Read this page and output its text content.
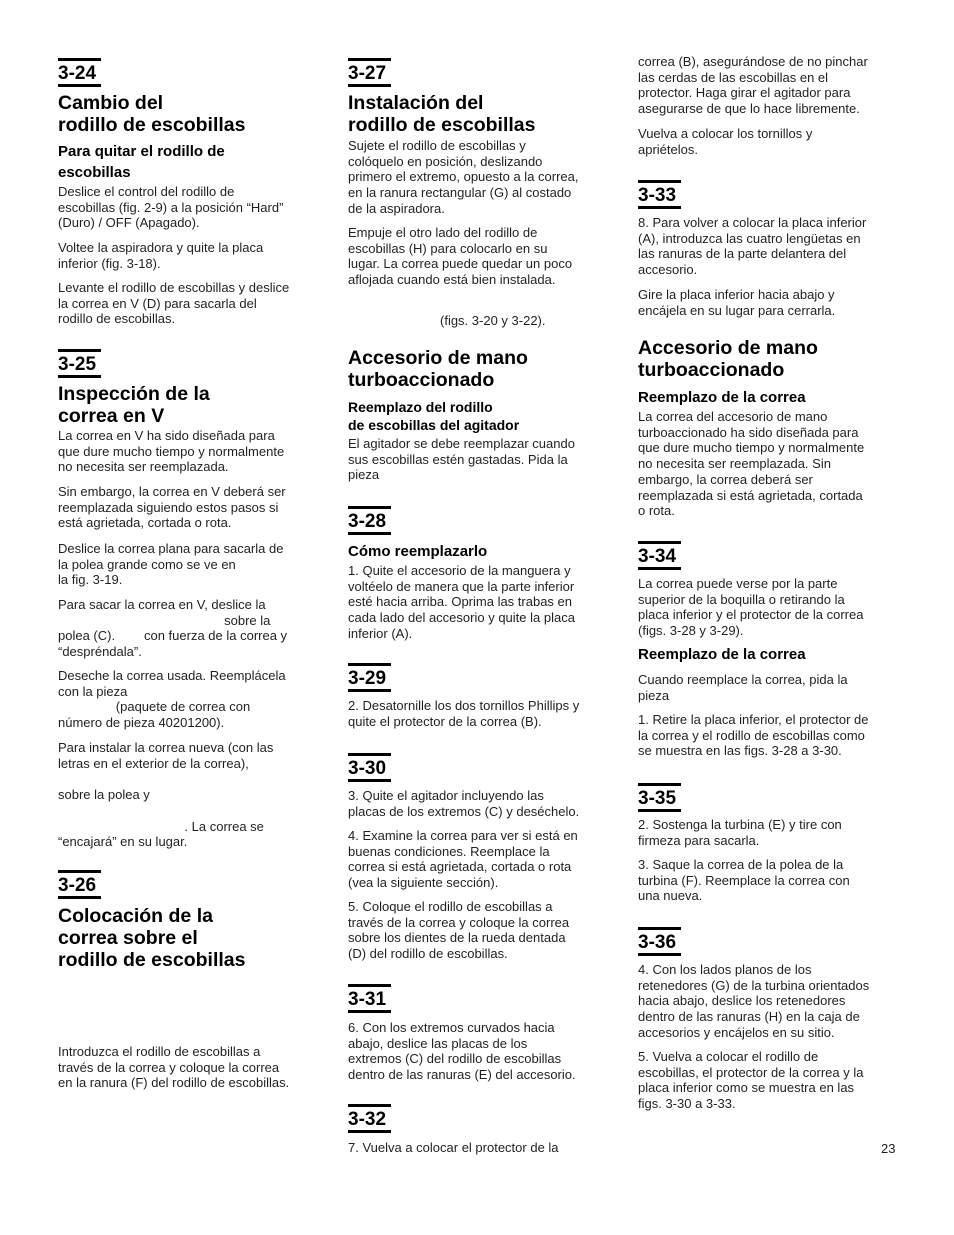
3-24
Cambio del
rodillo de escobillas
Para quitar el rodillo de
escobillas
Deslice el control del rodillo de
escobillas (fig. 2-9) a la posición “Hard”
(Duro) / OFF (Apagado).
Voltee la aspiradora y quite la placa
inferior (fig. 3-18).
Levante el rodillo de escobillas y deslice
la correa en V (D) para sacarla del
rodillo de escobillas.
3-25
Inspección de la
correa en V
La correa en V ha sido diseñada para
que dure mucho tiempo y normalmente
no necesita ser reemplazada.
Sin embargo, la correa en V deberá ser
reemplazada siguiendo estos pasos si
está agrietada, cortada o rota.
Deslice la correa plana para sacarla de
la polea grande como se ve en
la fig. 3-19.
Para sacar la correa en V, deslice la
sobre la
polea (C).        con fuerza de la correa y
“despréndala”.
Deseche la correa usada. Reemplácela
con la pieza
(paquete de correa con
número de pieza 40201200).
Para instalar la correa nueva (con las
letras en el exterior de la correa),

sobre la polea y

. La correa se
“encajará” en su lugar.
3-26
Colocación de la
correa sobre el
rodillo de escobillas
Introduzca el rodillo de escobillas a
través de la correa y coloque la correa
en la ranura (F) del rodillo de escobillas.
3-27
Instalación del
rodillo de escobillas
Sujete el rodillo de escobillas y
colóquelo en posición, deslizando
primero el extremo, opuesto a la correa,
en la ranura rectangular (G) al costado
de la aspiradora.
Empuje el otro lado del rodillo de
escobillas (H) para colocarlo en su
lugar. La correa puede quedar un poco
aflojada cuando está bien instalada.
(figs. 3-20 y 3-22).
Accesorio de mano
turboaccionado
Reemplazo del rodillo
de escobillas del agitador
El agitador se debe reemplazar cuando
sus escobillas estén gastadas. Pida la
pieza
3-28
Cómo reemplazarlo
1. Quite el accesorio de la manguera y
voltéelo de manera que la parte inferior
esté hacia arriba. Oprima las trabas en
cada lado del accesorio y quite la placa
inferior (A).
3-29
2. Desatornille los dos tornillos Phillips y
quite el protector de la correa (B).
3-30
3. Quite el agitador incluyendo las
placas de los extremos (C) y deséchelo.
4. Examine la correa para ver si está en
buenas condiciones. Reemplace la
correa si está agrietada, cortada o rota
(vea la siguiente sección).
5. Coloque el rodillo de escobillas a
través de la correa y coloque la correa
sobre los dientes de la rueda dentada
(D) del rodillo de escobillas.
3-31
6. Con los extremos curvados hacia
abajo, deslice las placas de los
extremos (C) del rodillo de escobillas
dentro de las ranuras (E) del accesorio.
3-32
7. Vuelva a colocar el protector de la
correa (B), asegurándose de no pinchar
las cerdas de las escobillas en el
protector. Haga girar el agitador para
asegurarse de que lo hace libremente.
Vuelva a colocar los tornillos y
apriételos.
3-33
8. Para volver a colocar la placa inferior
(A), introduzca las cuatro lengüetas en
las ranuras de la parte delantera del
accesorio.
Gire la placa inferior hacia abajo y
encájela en su lugar para cerrarla.
Accesorio de mano
turboaccionado
Reemplazo de la correa
La correa del accesorio de mano
turboaccionado ha sido diseñada para
que dure mucho tiempo y normalmente
no necesita ser reemplazada. Sin
embargo, la correa deberá ser
reemplazada si está agrietada, cortada
o rota.
3-34
La correa puede verse por la parte
superior de la boquilla o retirando la
placa inferior y el protector de la correa
(figs. 3-28 y 3-29).
Reemplazo de la correa
Cuando reemplace la correa, pida la
pieza
1. Retire la placa inferior, el protector de
la correa y el rodillo de escobillas como
se muestra en las figs. 3-28 a 3-30.
3-35
2. Sostenga la turbina (E) y tire con
firmeza para sacarla.
3. Saque la correa de la polea de la
turbina (F). Reemplace la correa con
una nueva.
3-36
4. Con los lados planos de los
retenedores (G) de la turbina orientados
hacia abajo, deslice los retenedores
dentro de las ranuras (H) en la caja de
accesorios y encájelos en su sitio.
5. Vuelva a colocar el rodillo de
escobillas, el protector de la correa y la
placa inferior como se muestra en las
figs. 3-30 a 3-33.
23
